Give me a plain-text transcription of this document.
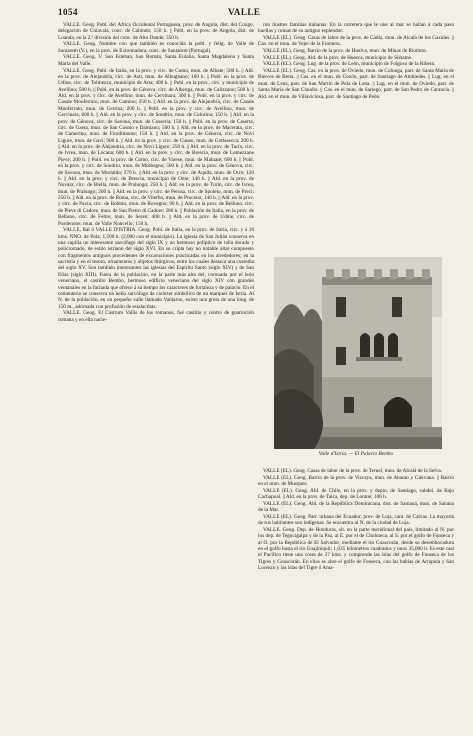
1054	VALLE

VALLE. Geog. Pobl. del África Occidental Portuguesa, prov. de Angola, dist. del Congo, delegación de Chiavala, conc. de Cabindo; 150 h. || Pobl. en la prov. de Angola, dist. de Loanda, en la 2.ª división del conc. de Alto Dande; 350 h.

VALLE. Geog. Nombre con que también es conocida la pobl. y felig. de Valle de Santarem (V.), en la prov. de Extremadura, conc. de Santarem (Portugal).

VALLE. Geog. V. San Esteban, San Román, Santa Eulalia, Santa Magdalena y Santa María del Valle.

VALLE. Geog. Pobl. de Italia, en la prov. y circ. de Como, mun. de Albate; 500 h. || Ald. en la prov. de Alejandría, circ. de Asti, mun. de Albugnano; 100 h. || Pobl. en la prov. de Udine, circ. de Tolmezzo, municipio de Arta; 400 h. || Pobl. en la prov., circ. y municipio de Avellino; 500 h. || Pobl. en la prov. de Génova, circ. de Albenga, mun. de Calizzano; 500 h. || Ald. en la prov. y circ. de Avellino, mun. de Cervinara; 300 h. || Pobl. en la prov. y circ. de Casale Monferrato, mun. de Camino; 250 h. || Ald. en la prov. de Alejandría, circ. de Casale Monferrato, mun. de Cerrina; 200 h. || Pobl. en la prov. y circ. de Avellino, mun. de Cervinara, 600 h. || Ald. en la prov. y circ. de Sondrio, mun. de Colorina; 150 h. || Ald. en la prov. de Génova, circ. de Savona, mun. de Cosseria; 150 h. || Pobl. en la prov. de Caserta, circ. de Gaeta, mun. de San Cosmo e Damiano; 500 h. || Ald. en la prov. de Macerata, circ. de Camerino, mun. de Fiordimonte; 150 h. || Ald. en la prov. de Génova, circ. de Novi Ligure, mun. de Gavi; 900 h. || Ald. en la prov. y circ. de Cuneo, mun. de Gottasecca; 200 h. || Ald. en la prov. de Alejandría, circ. de Novi Ligure; 250 h. || Ald. en la prov. de Turín, circ. de Ivrea, mun. de Locana; 600 h. || Ald. en la prov. y circ. de Brescia, mun. de Lumezzane Pieve; 200 h. || Pobl. en la prov. de Como, circ. de Varese, mun. de Malnate; 600 h. || Pobl. en la prov. y circ. de Sondrio, mun. de Morbegno; 500 h. || Ald. en la prov. de Génova, circ. de Savona, mun. de Murialdo; 270 h. || Ald. en la prov. y circ. de Aquila, mun. de Ocre; 120 h. || Ald. en la prov. y circ. de Brescia, municipio de Ome; 140 h. || Ald. en la prov. de Novara, circ. de Biella, mun. de Pralungo; 250 h. || Ald. en la prov. de Turín, circ. de Ivrea, mun. de Pralungo; 200 h. || Ald. en la prov. y circ. de Perusa, circ. de Spoleto, mun. de Preci; 250 h. || Ald. en la prov. de Roma, circ. de Viterbo, mun. de Proceno; 140 h. || Ald. en la prov. y circ. de Pavía, circ. de Bobbio, mun. de Rovegno; 90 h. || Ald. en la prov. de Belluno, circ. de Pieve di Cadore, mun. de San Pietro di Cadore; 280 h. || Población de Italia, en la prov. de Belluno, circ. de Feltre, mun. de Seren; 400 h. || Ald. en la prov. de Udine, circ. de Pordenone, mun. de Valle Noncello; 150 h.

VALLE, Bal ó VALLE D'ISTRIA. Geog. Pobl. de Italia, en la prov. de Istria, circ. y á 18 kms. NNO. de Pola; 1,500 h. (2,000 con el municipio). La iglesia de San Julián conserva en una capilla un interesante sarcófago del siglo IX y un hermoso políptico de talla dorado y policromado, de estilo istriano del siglo XVI. En su cripta hay no notable altar compuesto con fragmentos antiguos procedentes de excavaciones practicadas en los alrededores; en la sacristía y en el tesoro, ornamentos y objetos litúrgicos, entre los cuales destaca una custodia del siglo XV. Son también interesantes las iglesias del Espíritu Santo (siglo XIV) y de San Elías (siglo XIII). Fuera de la población, en la parte más alta del, coronada por el león veneciano, el castillo Bembo, hermoso edificio veneciano del siglo XIV con grandes ventanales en la fachada que ofrece á su tiempo los caracteres de fortaleza y de palacio. En el cementerio se conserva un bello sarcófago de carácter simbólico de un marqués de Istria. Al N. de la población, en un pequeño valle llamado Valdarno, existe una gruta de una long. de 150 m., adornada con profusión de estalactitas.

VALLE. Geog. El Castrum Vallis de los romanos, fué castillo y centro de guarnición romana y en ella nacie-

ron ilustres familias italianas. En la carretera que le une al mar se hallan á cada paso huellas y ruinas de su antiguo esplendor.

VALLE (EL). Geog. Casas de labor de la prov. de Cádiz, mun. de Alcalá de los Gazules. || Cas. en el mun. de Vejer de la Frontera.

VALLE (EL). Geog. Barrio de la prov. de Huelva, mun. de Minas de Riotinto.

VALLE (EL). Geog. Ald. de la prov. de Huesca, municipio de Siétamo.

VALLE (EL). Geog. Lug. de la prov. de León, municipio de Folgoso de la Ribera.

VALLE (EL). Geog. Cas. en la prov. de Oviedo, mun. de Colunga, parr. de Santa María de Bierces de Berta. || Cas. en el mun. de Gozón, parr. de Santiago de Ambiedes. || Lug. en el mun. de Lena, parr. de San Martín de Pola de Lena. || Lug. en el mun. de Oviedo, parr. de Santa María de San Claudio. || Cas. en el mun. de Sariego, parr. de San Pedro de Carancia. || Ald. en el mun. de Villaviciosa, parr. de Santiago de Peón.

Valle d'Istria. — El Palacio Bembo

VALLE (EL). Geog. Casas de labor de la prov. de Teruel, mun. de Alcalá de la Selva.

VALLE (EL). Geog. Barrio de la prov. de Vizcaya, mun. de Abanto y Ciérvana. || Barrio en el mun. de Musques.

VALLE (EL). Geog. Ald. de Chile, en la prov. y depto. de Santiago, subdel. de Bajo Cachapoal. || Ald. en la prov. de Talca, dep. de Lontué; 100 h.

VALLE (EL). Geog. Ald. de la República Dominicana, dist. de Samaná, mun. de Sabana de la Mar.

VALLE (EL). Geog. Parr. urbana del Ecuador, prov. de Loja, cant. de Calvas. La mayoría de sus habitantes son indígenas. Se encuentra al N. de la ciudad de Loja.

VALLE. Geog. Dep. de Honduras, sit. en la parte meridional del país, limitado al N. por los dep. de Tegucigalpa y de la Paz, al E. por el de Choluteca, al S. por el golfo de Fonseca y al O. por la República de El Salvador, mediante el río Goascorán, desde su desembocadura en el golfo hasta el río Guajiniquil; 1,635 kilómetros cuadrados y unos 35,000 h. Es este casi el Pacífico tiene una costa de 37 kms. y comprende las islas del golfo de Fonseca de los Tigres y Goascorán. En ellas se abre el golfo de Fonseca, con las bahías de Arrapola y San Lorenzo y las islas del Tigre ó Ama-
